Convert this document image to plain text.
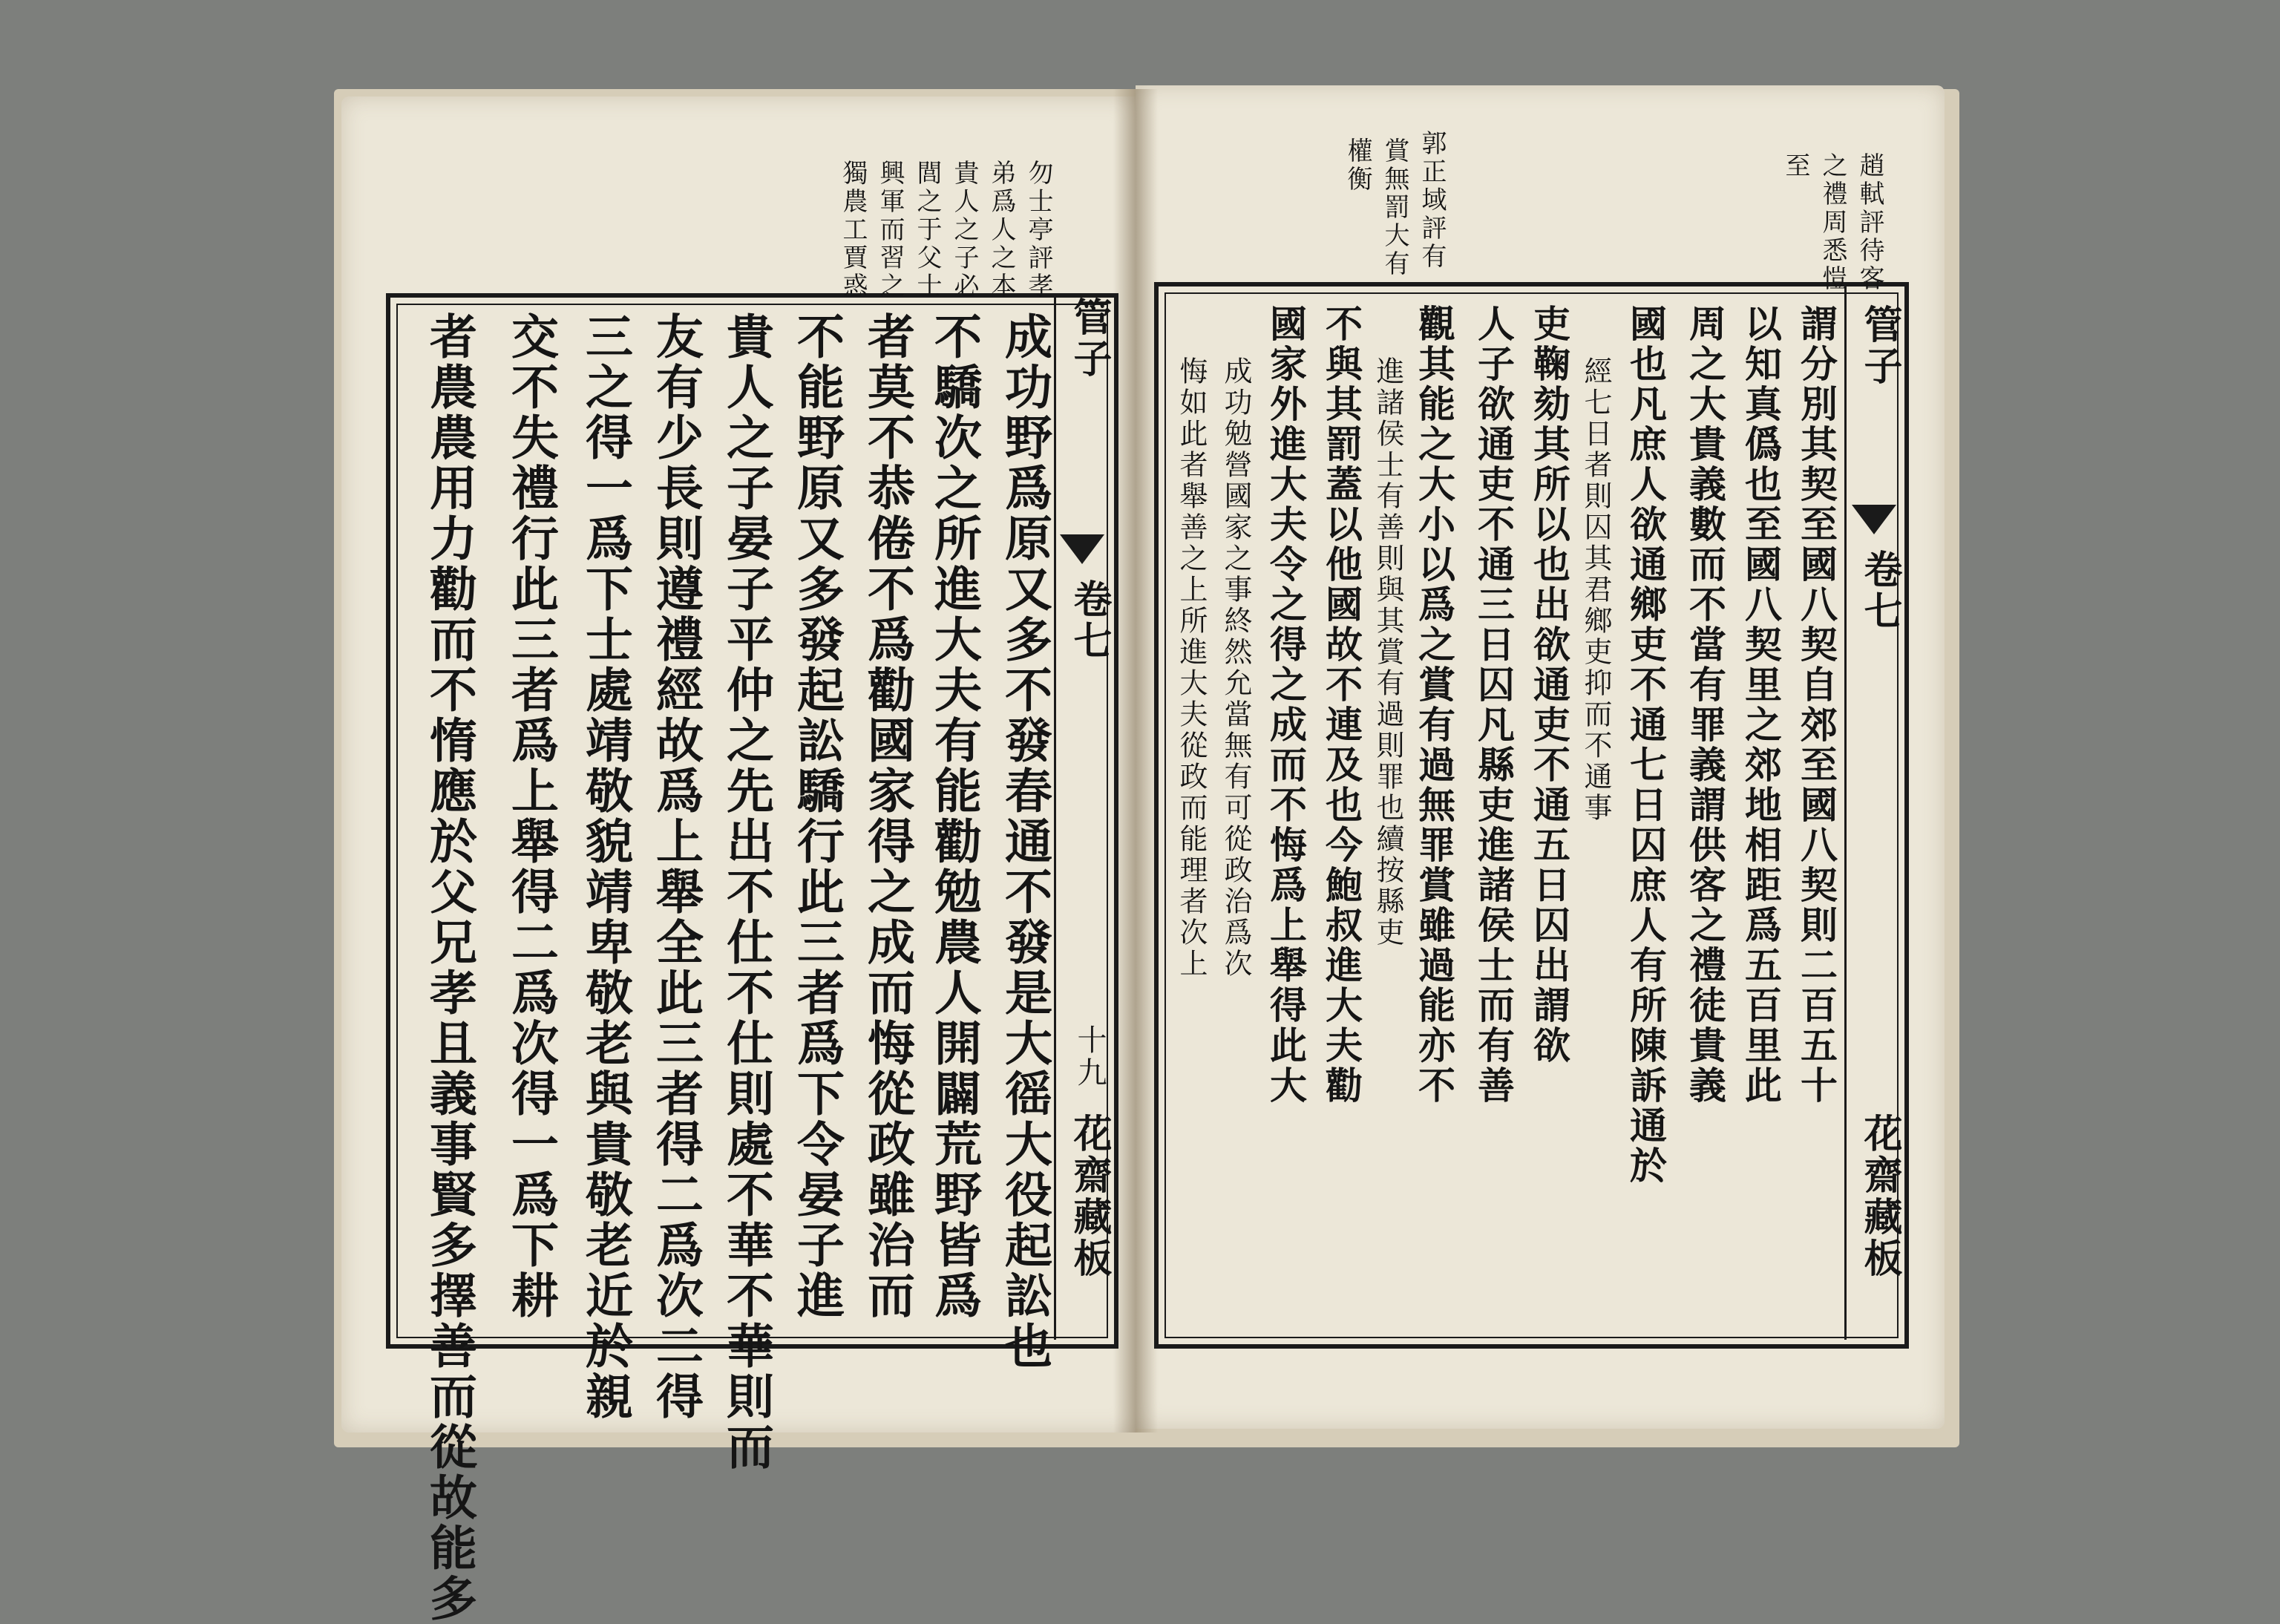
勿士亭評孝
弟爲人之本
貴人之子必
閭之于父士
興軍而習之
獨農工賈惑
管子
卷七
十九
花齋藏板
成功野爲原又多不發春通不發是大徭大役起訟也
不驕次之所進大夫有能勸勉農人開闢荒野皆爲
者莫不恭倦不爲勸國家得之成而悔從政雖治而
不能野原又多發起訟驕行此三者爲下令晏子進
貴人之子晏子平仲之先出不仕不仕則處不華不華則而
友有少長則遵禮經故爲上舉全此三者得二爲次二得
三之得一爲下士處靖敬貌靖卑敬老與貴敬老近於親
交不失禮行此三者爲上舉得二爲次得一爲下耕
者農農用力勸而不惰應於父兄孝且義事賢多擇善而從故能多
趙軾評待客
之禮周悉愷
至
郭正域評有
賞無罰大有
權衡
管子
卷七
花齋藏板
謂分別其契至國八契自郊至國八契則二百五十
以知真僞也至國八契里之郊地相距爲五百里此
周之大貴義數而不當有罪義謂供客之禮徒貴義
國也凡庶人欲通鄉吏不通七日囚庶人有所陳訴通於
經七日者則囚其君鄉吏抑而不通事
吏鞠劾其所以也出欲通吏不通五日囚出謂欲
人子欲通吏不通三日囚凡縣吏進諸侯士而有善
觀其能之大小以爲之賞有過無罪賞雖過能亦不
進諸侯士有善則與其賞有過則罪也續按縣吏
不與其罰蓋以他國故不連及也今鮑叔進大夫勸
國家外進大夫令之得之成而不悔爲上舉得此大
成功勉營國家之事終然允當無有可從政治爲次
悔如此者舉善之上所進大夫從政而能理者次上
